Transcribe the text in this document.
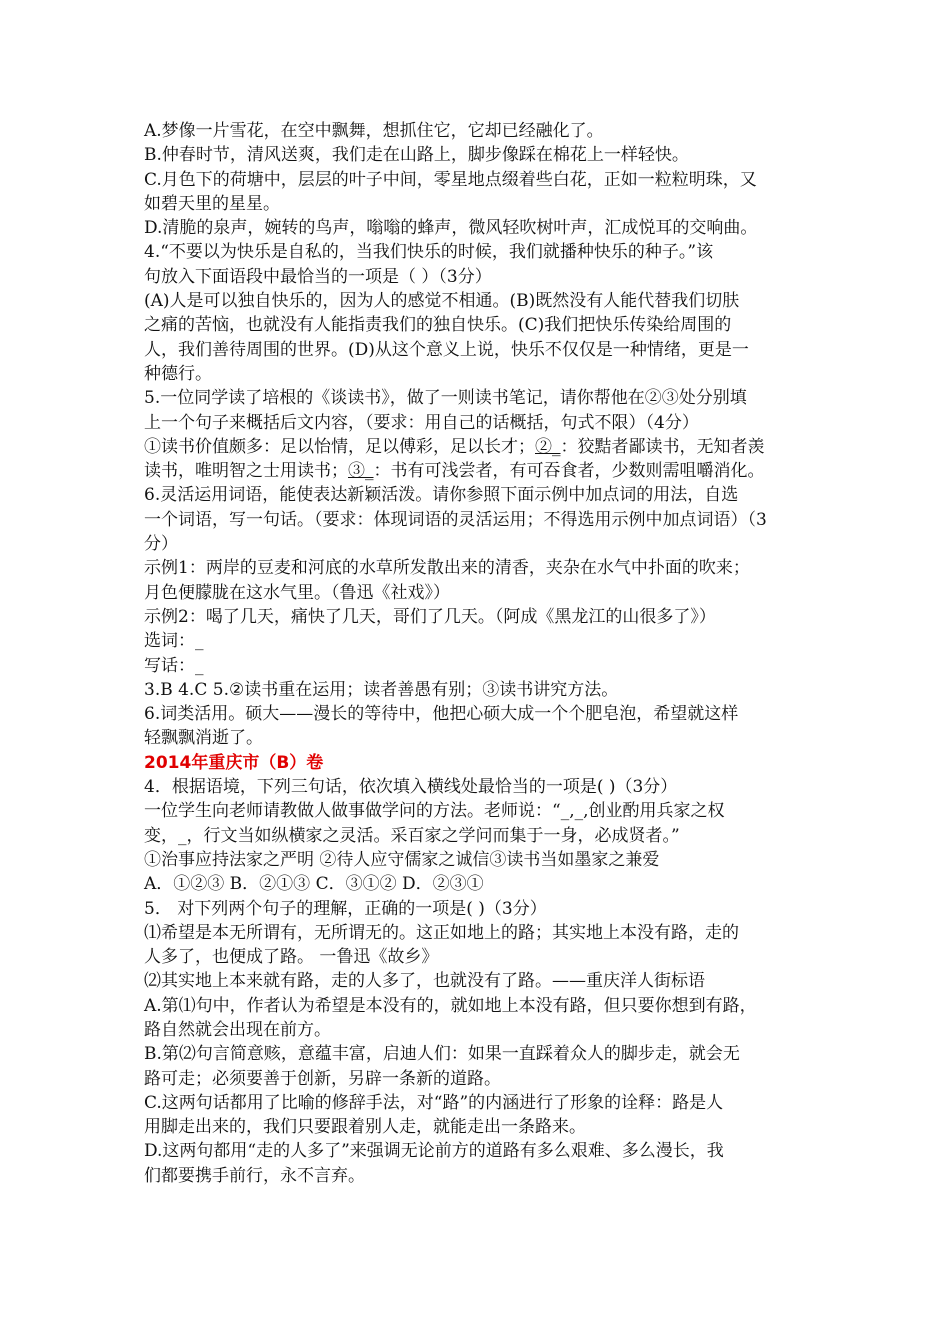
A.梦像一片雪花，在空中飘舞，想抓住它，它却已经融化了。

B.仲春时节，清风送爽，我们走在山路上，脚步像踩在棉花上一样轻快。

C.月色下的荷塘中，层层的叶子中间，零星地点缀着些白花，正如一粒粒明珠，又

如碧天里的星星。

D.清脆的泉声，婉转的鸟声，嗡嗡的蜂声，微风轻吹树叶声，汇成悦耳的交响曲。

4.“不要以为快乐是自私的，当我们快乐的时候，我们就播种快乐的种子。”该

句放入下面语段中最恰当的一项是（ ）（3分）

(A)人是可以独自快乐的，因为人的感觉不相通。(B)既然没有人能代替我们切肤

之痛的苦恼，也就没有人能指责我们的独自快乐。(C)我们把快乐传染给周围的

人，我们善待周围的世界。(D)从这个意义上说，快乐不仅仅是一种情绪，更是一

种德行。

5.一位同学读了培根的《谈读书》，做了一则读书笔记，请你帮他在②③处分别填

上一个句子来概括后文内容，（要求：用自己的话概括，句式不限）（4分）

①读书价值颇多：足以怡情，足以傅彩，足以长才；②_：狡黠者鄙读书，无知者羡

读书，唯明智之士用读书；③_：书有可浅尝者，有可吞食者，少数则需咀嚼消化。

6.灵活运用词语，能使表达新颖活泼。请你参照下面示例中加点词的用法，自选

一个词语，写一句话。（要求：体现词语的灵活运用；不得选用示例中加点词语）（3

分）

示例1：两岸的豆麦和河底的水草所发散出来的清香，夹杂在水气中扑面的吹来；

月色便朦胧在这水气里。（鲁迅《社戏》）

示例2：喝了几天，痛快了几天，哥们了几天。（阿成《黑龙江的山很多了》）

选词：_

写话：_

3.B 4.C 5.②读书重在运用；读者善愚有别；③读书讲究方法。

6.词类活用。硕大——漫长的等待中，他把心硕大成一个个肥皂泡，希望就这样

轻飘飘消逝了。

2014年重庆市（B）卷

4．根据语境，下列三句话，依次填入横线处最恰当的一项是( )（3分）

一位学生向老师请教做人做事做学问的方法。老师说：“_,_,创业酌用兵家之权

变，_，行文当如纵横家之灵活。采百家之学问而集于一身，必成贤者。”

①治事应持法家之严明 ②待人应守儒家之诚信③读书当如墨家之兼爱

A．①②③ B．②①③ C．③①② D．②③①

5． 对下列两个句子的理解，正确的一项是( )（3分）

⑴希望是本无所谓有，无所谓无的。这正如地上的路；其实地上本没有路，走的

人多了，也便成了路。 一鲁迅《故乡》

⑵其实地上本来就有路，走的人多了，也就没有了路。——重庆洋人街标语

A.第⑴句中，作者认为希望是本没有的，就如地上本没有路，但只要你想到有路，

路自然就会出现在前方。

B.第⑵句言简意赅，意蕴丰富，启迪人们：如果一直踩着众人的脚步走，就会无

路可走；必须要善于创新，另辟一条新的道路。

C.这两句话都用了比喻的修辞手法，对“路”的内涵进行了形象的诠释：路是人

用脚走出来的，我们只要跟着别人走，就能走出一条路来。

D.这两句都用“走的人多了”来强调无论前方的道路有多么艰难、多么漫长，我

们都要携手前行，永不言弃。
